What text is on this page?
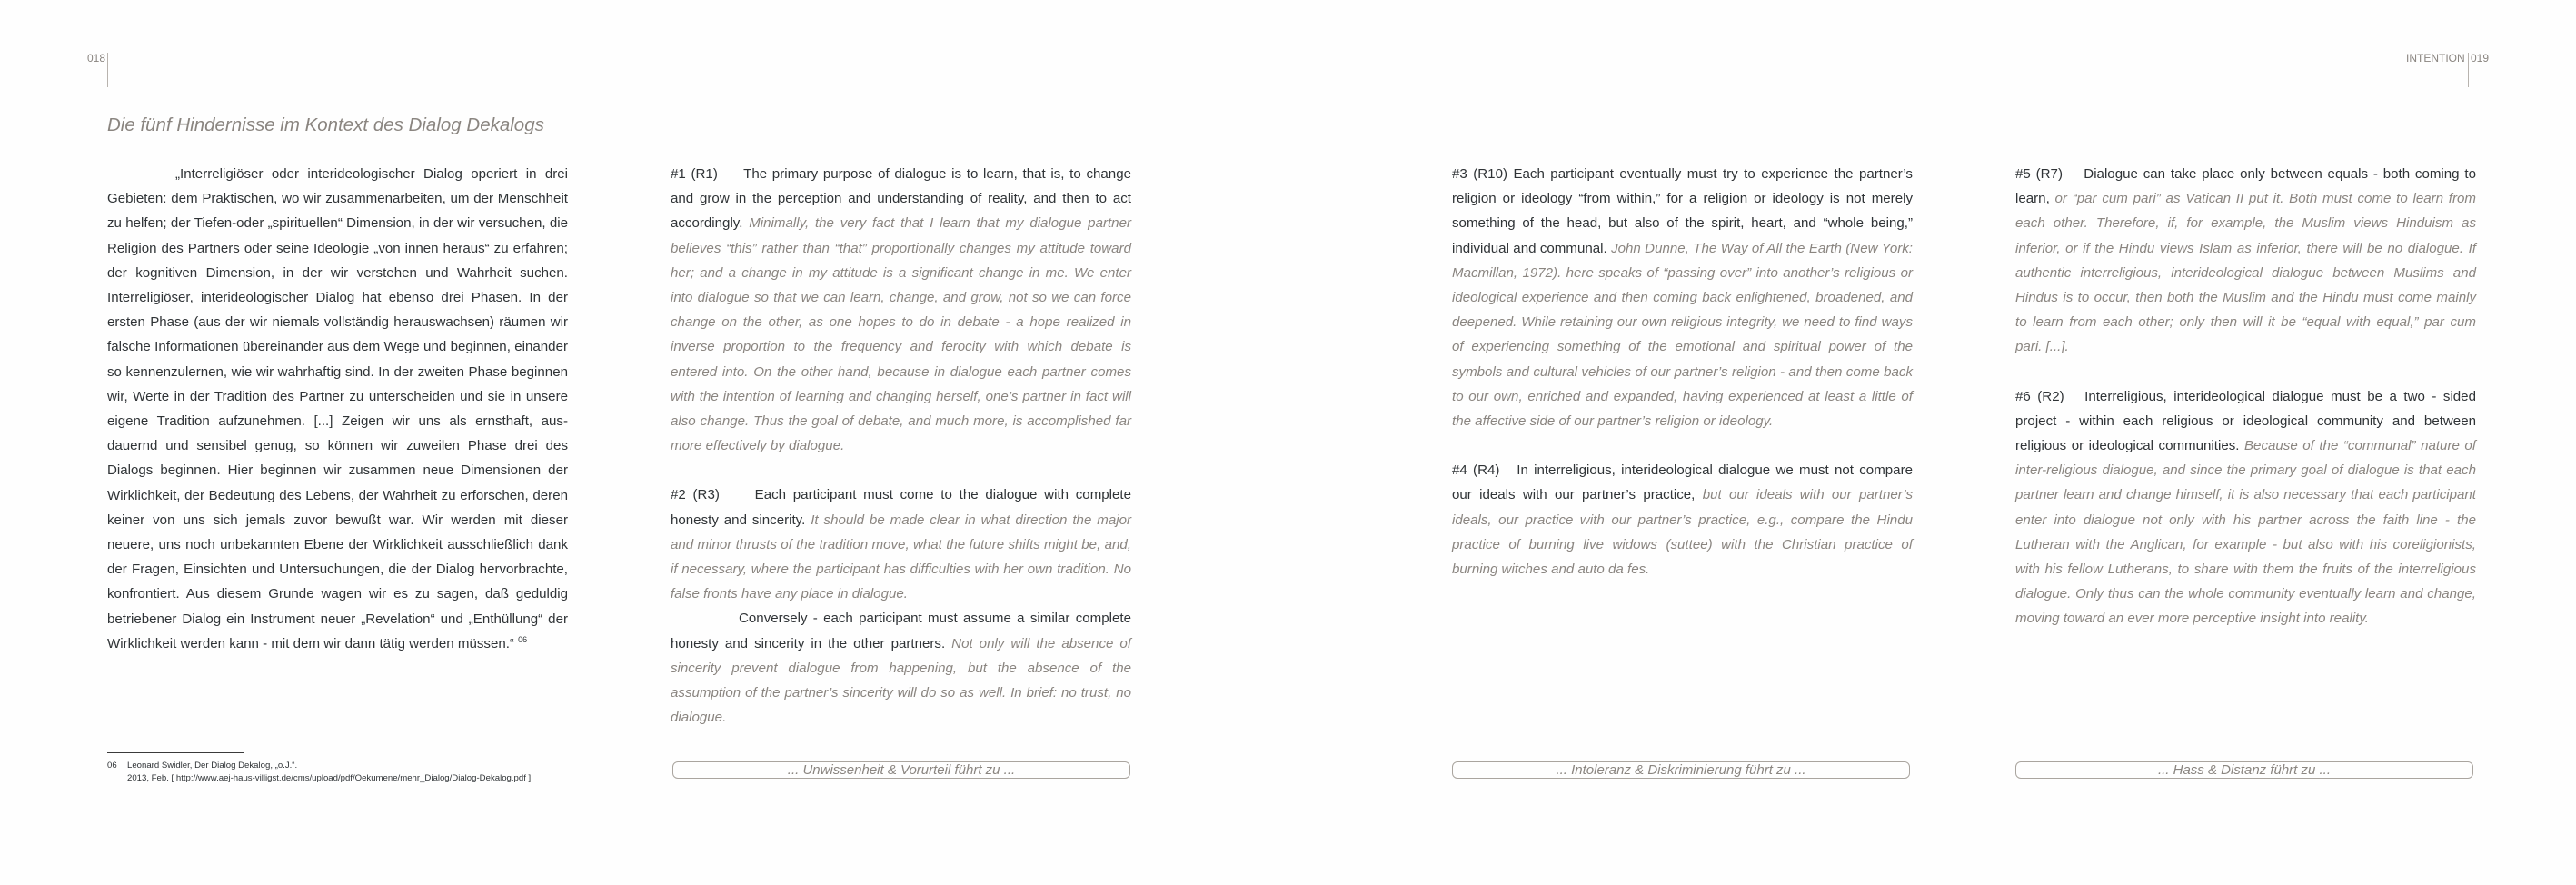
018
Die fünf Hindernisse im Kontext des Dialog Dekalogs

„Interreligiöser oder interideologischer Dialog operiert in drei Gebieten: dem Praktischen, wo wir zusammenarbeiten, um der Menschheit zu helfen; der Tiefen-oder „spirituellen“ Dimension, in der wir versuchen, die Religion des Partners oder seine Ideologie „von innen heraus“ zu erfahren; der kognitiven Dimension, in der wir verstehen und Wahrheit suchen. Interreligiöser, interideologischer Dialog hat ebenso drei Phasen. In der ersten Phase (aus der wir niemals vollständig herauswachsen) räumen wir falsche Informationen übereinander aus dem Wege und beginnen, einander so kennenzulernen, wie wir wahrhaftig sind. In der zweiten Phase beginnen wir, Werte in der Tradition des Partner zu unterscheiden und sie in unsere eigene Tradition aufzunehmen. [...] Zeigen wir uns als ernsthaft, ausdauernd und sensibel genug, so können wir zuweilen Phase drei des Dialogs beginnen. Hier beginnen wir zusammen neue Dimensionen der Wirklichkeit, der Bedeutung des Lebens, der Wahrheit zu erforschen, deren keiner von uns sich jemals zuvor bewußt war. Wir werden mit dieser neuere, uns noch unbekannten Ebene der Wirklichkeit ausschließlich dank der Fragen, Einsichten und Untersuchungen, die der Dialog hervorbrachte, konfrontiert. Aus diesem Grunde wagen wir es zu sagen, daß geduldig betriebener Dialog ein Instrument neuer „Revelation“ und „Enthüllung“ der Wirklichkeit werden kann - mit dem wir dann tätig werden müssen.“ $^{06}$

06 Leonard Swidler, Der Dialog Dekalog, „o.J.“.
2013, Feb. [ http://www.aej-haus-villigst.de/cms/upload/pdf/Oekumene/mehr_Dialog/Dialog-Dekalog.pdf ]

#1 (R1) The primary purpose of dialogue is to learn, that is, to change and grow in the perception and understanding of reality, and then to act accordingly. Minimally, the very fact that I learn that my dialogue partner believes “this” rather than “that” proportionally changes my attitude toward her; and a change in my attitude is a significant change in me. We enter into dialogue so that we can learn, change, and grow, not so we can force change on the other, as one hopes to do in debate - a hope realized in inverse proportion to the frequency and ferocity with which debate is entered into. On the other hand, because in dialogue each partner comes with the intention of learning and changing herself, one’s partner in fact will also change. Thus the goal of debate, and much more, is accomplished far more effectively by dialogue.

#2 (R3)	Each participant must come to the dialogue with complete honesty and sincerity. It should be made clear in what direction the major and minor thrusts of the tradition move, what the future shifts might be, and, if necessary, where the participant has difficulties with her own tradition. No false fronts have any place in dialogue.

Conversely - each participant must assume a similar complete honesty and sincerity in the other partners. Not only will the absence of sincerity prevent dialogue from happening, but the absence of the assumption of the partner’s sincerity will do so as well. In brief: no trust, no dialogue.

... Unwissenheit & Vorurteil führt zu ...
INTENTION 019

#3 (R10) Each participant eventually must try to experience the partner’s religion or ideology “from within,” for a religion or ideology is not merely something of the head, but also of the spirit, heart, and “whole being,” individual and communal. John Dunne, The Way of All the Earth (New York: Macmillan, 1972). here speaks of “passing over” into another’s religious or ideological experience and then coming back enlightened, broadened, and deepened. While retaining our own religious integrity, we need to find ways of experiencing something of the emotional and spiritual power of the symbols and cultural vehicles of our partner’s religion - and then come back to our own, enriched and expanded, having experienced at least a little of the affective side of our partner’s religion or ideology.

#4 (R4) In interreligious, interideological dialogue we must not compare our ideals with our partner’s practice, but our ideals with our partner’s ideals, our practice with our partner’s practice, e.g., compare the Hindu practice of burning live widows (suttee) with the Christian practice of burning witches and auto da fes.

... Intoleranz & Diskriminierung führt zu ...

#5 (R7) Dialogue can take place only between equals - both coming to learn, or “par cum pari” as Vatican II put it. Both must come to learn from each other. Therefore, if, for example, the Muslim views Hinduism as inferior, or if the Hindu views Islam as inferior, there will be no dialogue. If authentic interreligious, interideological dialogue between Muslims and Hindus is to occur, then both the Muslim and the Hindu must come mainly to learn from each other; only then will it be “equal with equal,” par cum pari. [...].

#6 (R2) Interreligious, interideological dialogue must be a two - sided project - within each religious or ideological community and between religious or ideological communities. Because of the “communal” nature of inter-religious dialogue, and since the primary goal of dialogue is that each partner learn and change himself, it is also necessary that each participant enter into dialogue not only with his partner across the faith line - the Lutheran with the Anglican, for example - but also with his coreligionists, with his fellow Lutherans, to share with them the fruits of the interreligious dialogue. Only thus can the whole community eventually learn and change, moving toward an ever more perceptive insight into reality.

... Hass & Distanz führt zu ...
